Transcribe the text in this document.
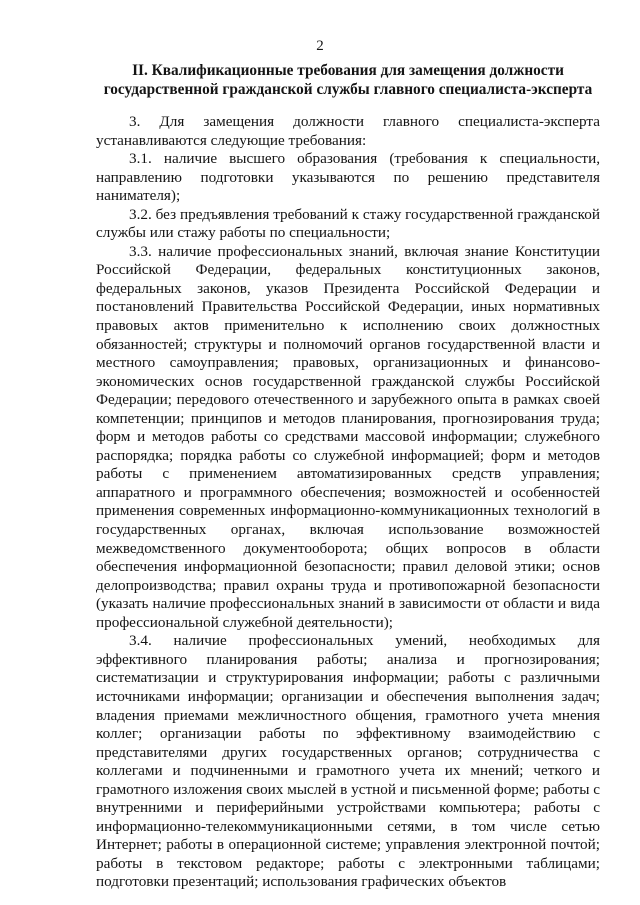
2
II. Квалификационные требования для замещения должности государственной гражданской службы главного специалиста-эксперта

3. Для замещения должности главного специалиста-эксперта устанавливаются следующие требования:

3.1. наличие высшего образования (требования к специальности, направлению подготовки указываются по решению представителя нанимателя);

3.2. без предъявления требований к стажу государственной гражданской службы или стажу работы по специальности;

3.3. наличие профессиональных знаний, включая знание Конституции Российской Федерации, федеральных конституционных законов, федеральных законов, указов Президента Российской Федерации и постановлений Правительства Российской Федерации, иных нормативных правовых актов применительно к исполнению своих должностных обязанностей; структуры и полномочий органов государственной власти и местного самоуправления; правовых, организационных и финансово-экономических основ государственной гражданской службы Российской Федерации; передового отечественного и зарубежного опыта в рамках своей компетенции; принципов и методов планирования, прогнозирования труда; форм и методов работы со средствами массовой информации; служебного распорядка; порядка работы со служебной информацией; форм и методов работы с применением автоматизированных средств управления; аппаратного и программного обеспечения; возможностей и особенностей применения современных информационно-коммуникационных технологий в государственных органах, включая использование возможностей межведомственного документооборота; общих вопросов в области обеспечения информационной безопасности; правил деловой этики; основ делопроизводства; правил охраны труда и противопожарной безопасности (указать наличие профессиональных знаний в зависимости от области и вида профессиональной служебной деятельности);

3.4. наличие профессиональных умений, необходимых для эффективного планирования работы; анализа и прогнозирования; систематизации и структурирования информации; работы с различными источниками информации; организации и обеспечения выполнения задач; владения приемами межличностного общения, грамотного учета мнения коллег; организации работы по эффективному взаимодействию с представителями других государственных органов; сотрудничества с коллегами и подчиненными и грамотного учета их мнений; четкого и грамотного изложения своих мыслей в устной и письменной форме; работы с внутренними и периферийными устройствами компьютера; работы с информационно-телекоммуникационными сетями, в том числе сетью Интернет; работы в операционной системе; управления электронной почтой; работы в текстовом редакторе; работы с электронными таблицами; подготовки презентаций; использования графических объектов
